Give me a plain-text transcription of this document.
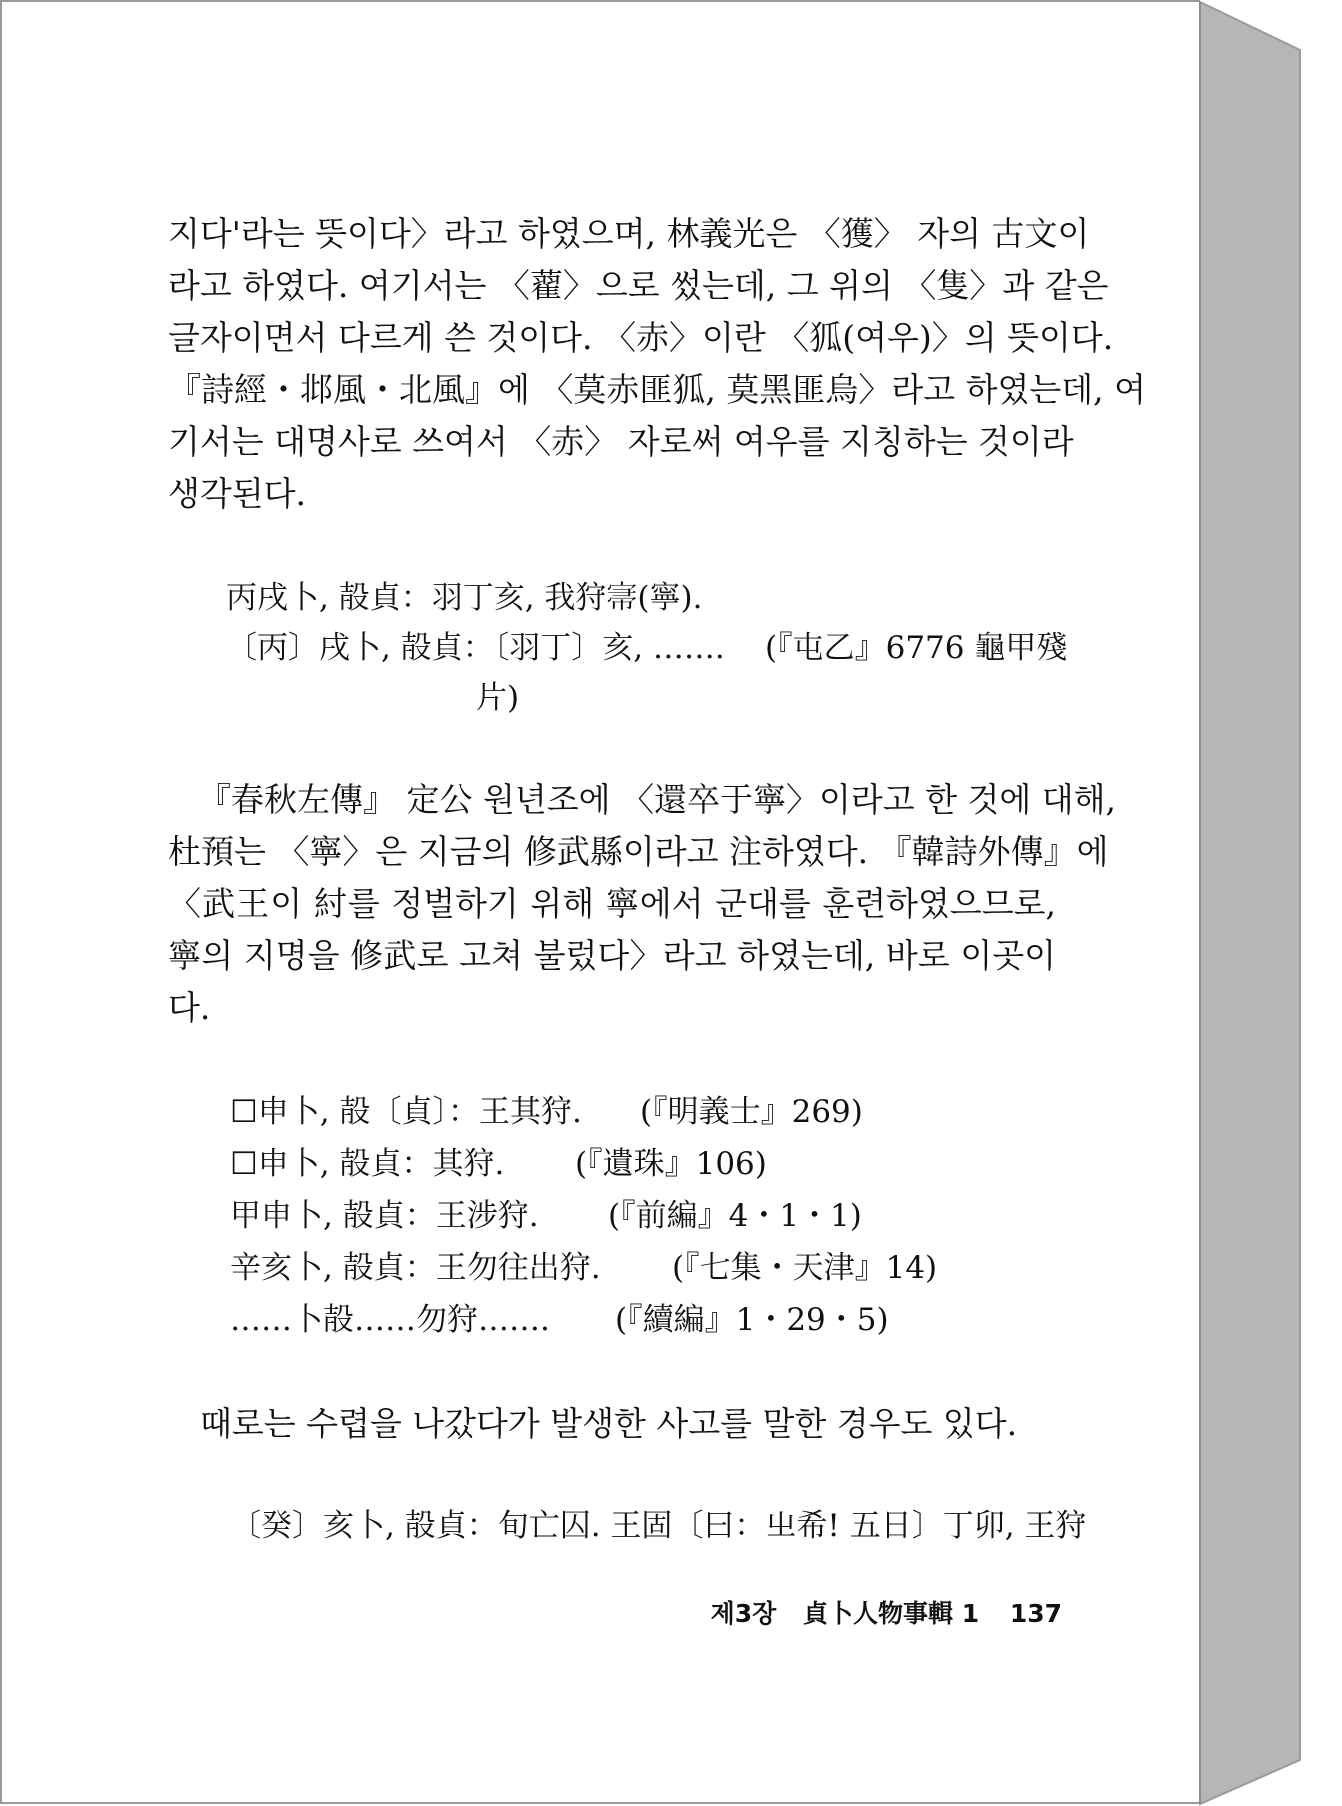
지다'라는 뜻이다〉라고 하였으며, 林義光은 〈獲〉 자의 古文이
라고 하였다. 여기서는 〈藋〉으로 썼는데, 그 위의 〈隻〉과 같은
글자이면서 다르게 쓴 것이다. 〈赤〉이란 〈狐(여우)〉의 뜻이다.
『詩經・邶風・北風』에 〈莫赤匪狐, 莫黑匪烏〉라고 하였는데, 여
기서는 대명사로 쓰여서 〈赤〉 자로써 여우를 지칭하는 것이라
생각된다.
丙戌卜, 㱿貞：羽丁亥, 我狩𡨦(寧).
〔丙〕戌卜, 㱿貞：〔羽丁〕亥, ……. (『屯乙』6776 龜甲殘
片)
『春秋左傳』 定公 원년조에 〈還卒于寧〉이라고 한 것에 대해,
杜預는 〈寧〉은 지금의 修武縣이라고 注하였다. 『韓詩外傳』에
〈武王이 紂를 정벌하기 위해 寧에서 군대를 훈련하였으므로,
寧의 지명을 修武로 고쳐 불렀다〉라고 하였는데, 바로 이곳이
다.
☐申卜, 㱿〔貞〕：王其狩. (『明義士』269)
☐申卜, 㱿貞：其狩. (『遺珠』106)
甲申卜, 㱿貞：王涉狩. (『前編』4・1・1)
辛亥卜, 㱿貞：王勿往出狩. (『七集・天津』14)
……卜㱿……勿狩……. (『續編』1・29・5)
때로는 수렵을 나갔다가 발생한 사고를 말한 경우도 있다.
〔癸〕亥卜, 㱿貞：旬亡囚. 王固〔曰：㞢希! 五日〕丁卯, 王狩
제3장 貞卜人物事輯 1 137
